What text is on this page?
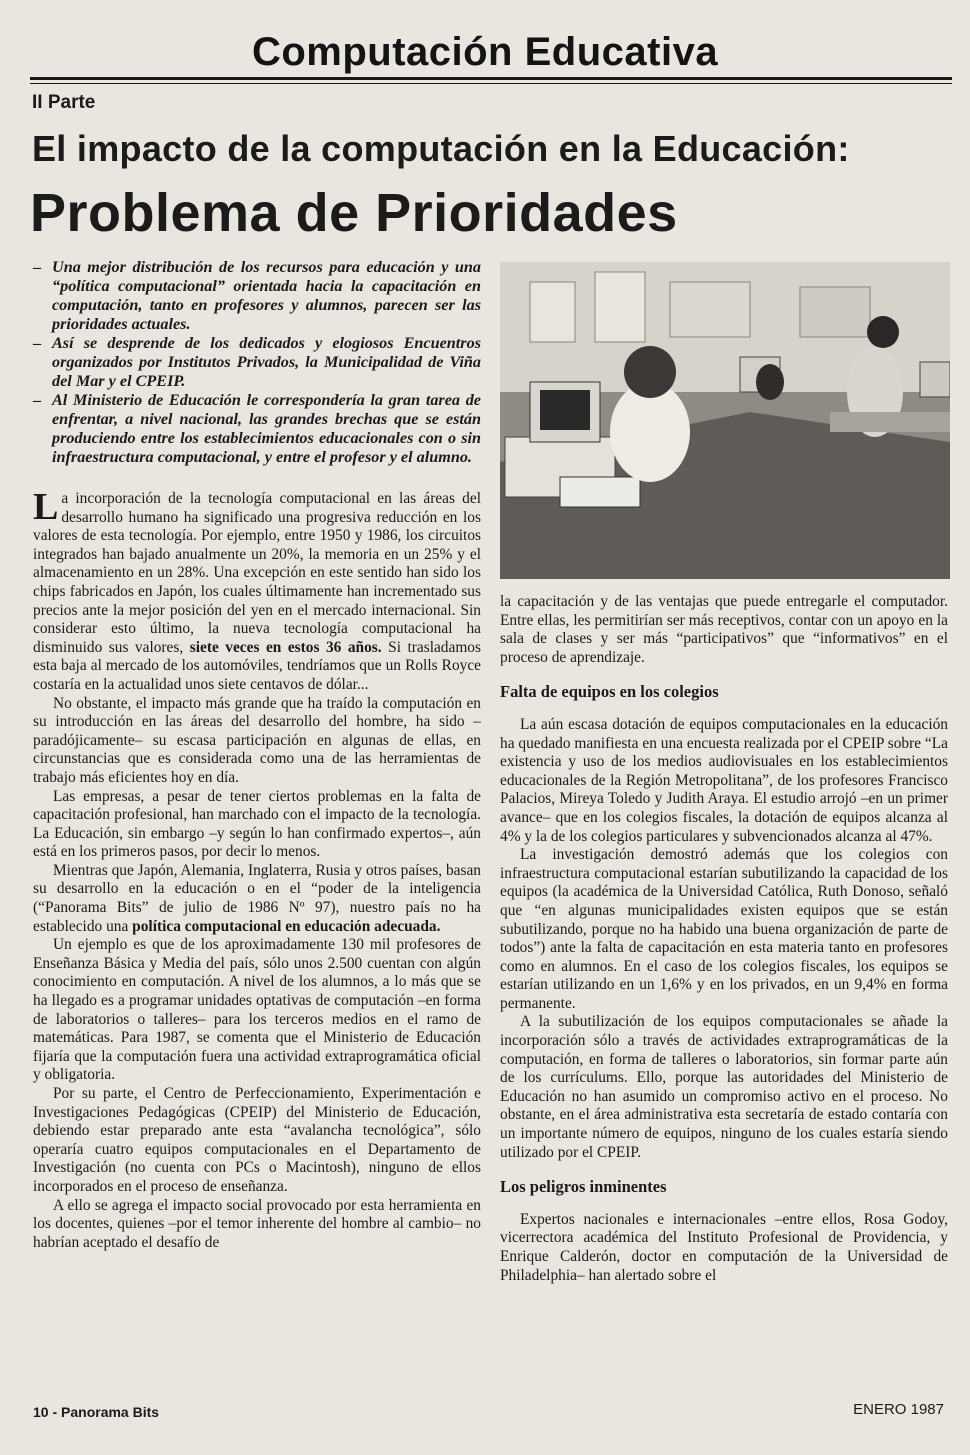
Computación Educativa
II Parte
El impacto de la computación en la Educación:
Problema de Prioridades
– Una mejor distribución de los recursos para educación y una “política computacional” orientada hacia la capacitación en computación, tanto en profesores y alumnos, parecen ser las prioridades actuales.
– Así se desprende de los dedicados y elogiosos Encuentros organizados por Institutos Privados, la Municipalidad de Viña del Mar y el CPEIP.
– Al Ministerio de Educación le correspondería la gran tarea de enfrentar, a nivel nacional, las grandes brechas que se están produciendo entre los establecimientos educacionales con o sin infraestructura computacional, y entre el profesor y el alumno.

La incorporación de la tecnología computacional en las áreas del desarrollo humano ha significado una progresiva reducción en los valores de esta tecnología. Por ejemplo, entre 1950 y 1986, los circuitos integrados han bajado anualmente un 20%, la memoria en un 25% y el almacenamiento en un 28%. Una excepción en este sentido han sido los chips fabricados en Japón, los cuales últimamente han incrementado sus precios ante la mejor posición del yen en el mercado internacional. Sin considerar esto último, la nueva tecnología computacional ha disminuido sus valores, siete veces en estos 36 años. Si trasladamos esta baja al mercado de los automóviles, tendríamos que un Rolls Royce costaría en la actualidad unos siete centavos de dólar...

No obstante, el impacto más grande que ha traído la computación en su introducción en las áreas del desarrollo del hombre, ha sido –paradójicamente– su escasa participación en algunas de ellas, en circunstancias que es considerada como una de las herramientas de trabajo más eficientes hoy en día.

Las empresas, a pesar de tener ciertos problemas en la falta de capacitación profesional, han marchado con el impacto de la tecnología. La Educación, sin embargo –y según lo han confirmado expertos–, aún está en los primeros pasos, por decir lo menos.

Mientras que Japón, Alemania, Inglaterra, Rusia y otros países, basan su desarrollo en la educación o en el “poder de la inteligencia (“Panorama Bits” de julio de 1986 Nº 97), nuestro país no ha establecido una política computacional en educación adecuada.

Un ejemplo es que de los aproximadamente 130 mil profesores de Enseñanza Básica y Media del país, sólo unos 2.500 cuentan con algún conocimiento en computación. A nivel de los alumnos, a lo más que se ha llegado es a programar unidades optativas de computación –en forma de laboratorios o talleres– para los terceros medios en el ramo de matemáticas. Para 1987, se comenta que el Ministerio de Educación fijaría que la computación fuera una actividad extraprogramática oficial y obligatoria.

Por su parte, el Centro de Perfeccionamiento, Experimentación e Investigaciones Pedagógicas (CPEIP) del Ministerio de Educación, debiendo estar preparado ante esta “avalancha tecnológica”, sólo operaría cuatro equipos computacionales en el Departamento de Investigación (no cuenta con PCs o Macintosh), ninguno de ellos incorporados en el proceso de enseñanza.

A ello se agrega el impacto social provocado por esta herramienta en los docentes, quienes –por el temor inherente del hombre al cambio– no habrían aceptado el desafío de

la capacitación y de las ventajas que puede entregarle el computador. Entre ellas, les permitirían ser más receptivos, contar con un apoyo en la sala de clases y ser más “participativos” que “informativos” en el proceso de aprendizaje.

Falta de equipos en los colegios

La aún escasa dotación de equipos computacionales en la educación ha quedado manifiesta en una encuesta realizada por el CPEIP sobre “La existencia y uso de los medios audiovisuales en los establecimientos educacionales de la Región Metropolitana”, de los profesores Francisco Palacios, Mireya Toledo y Judith Araya. El estudio arrojó –en un primer avance– que en los colegios fiscales, la dotación de equipos alcanza al 4% y la de los colegios particulares y subvencionados alcanza al 47%.

La investigación demostró además que los colegios con infraestructura computacional estarían subutilizando la capacidad de los equipos (la académica de la Universidad Católica, Ruth Donoso, señaló que “en algunas municipalidades existen equipos que se están subutilizando, porque no ha habido una buena organización de parte de todos”) ante la falta de capacitación en esta materia tanto en profesores como en alumnos. En el caso de los colegios fiscales, los equipos se estarían utilizando en un 1,6% y en los privados, en un 9,4% en forma permanente.

A la subutilización de los equipos computacionales se añade la incorporación sólo a través de actividades extraprogramáticas de la computación, en forma de talleres o laboratorios, sin formar parte aún de los currículums. Ello, porque las autoridades del Ministerio de Educación no han asumido un compromiso activo en el proceso. No obstante, en el área administrativa esta secretaría de estado contaría con un importante número de equipos, ninguno de los cuales estaría siendo utilizado por el CPEIP.

Los peligros inminentes

Expertos nacionales e internacionales –entre ellos, Rosa Godoy, vicerrectora académica del Instituto Profesional de Providencia, y Enrique Calderón, doctor en computación de la Universidad de Philadelphia– han alertado sobre el

10 - Panorama Bits	ENERO 1987
